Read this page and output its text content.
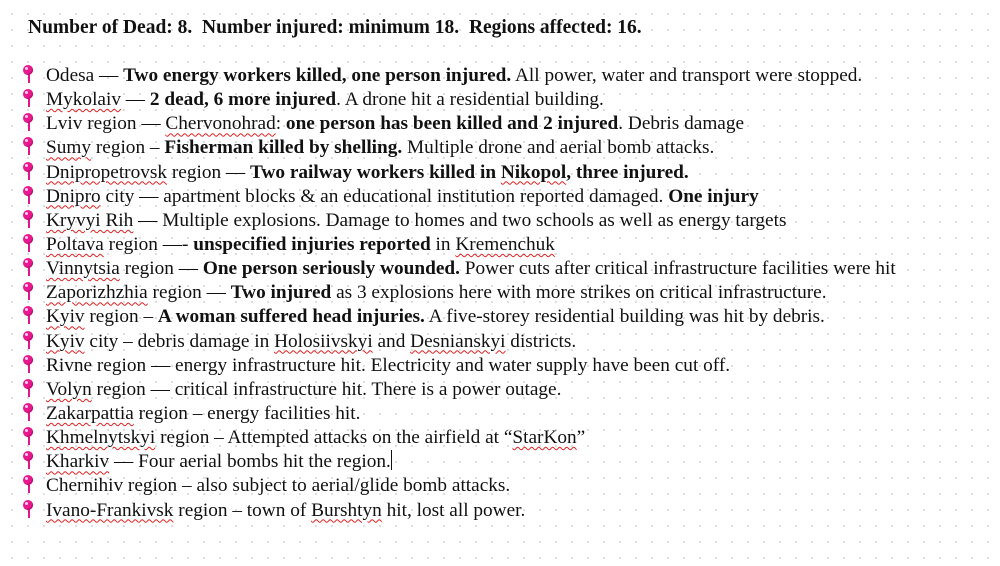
Number of Dead: 8. Number injured: minimum 18. Regions affected: 16.
Odesa — Two energy workers killed, one person injured. All power, water and transport were stopped.
Mykolaiv — 2 dead, 6 more injured. A drone hit a residential building.
Lviv region — Chervonohrad: one person has been killed and 2 injured. Debris damage
Sumy region – Fisherman killed by shelling. Multiple drone and aerial bomb attacks.
Dnipropetrovsk region — Two railway workers killed in Nikopol, three injured.
Dnipro city — apartment blocks & an educational institution reported damaged. One injury
Kryvyi Rih — Multiple explosions. Damage to homes and two schools as well as energy targets
Poltava region —- unspecified injuries reported in Kremenchuk
Vinnytsia region — One person seriously wounded. Power cuts after critical infrastructure facilities were hit
Zaporizhzhia region — Two injured as 3 explosions here with more strikes on critical infrastructure.
Kyiv region – A woman suffered head injuries. A five-storey residential building was hit by debris.
Kyiv city – debris damage in Holosiivskyi and Desnianskyi districts.
Rivne region — energy infrastructure hit. Electricity and water supply have been cut off.
Volyn region — critical infrastructure hit. There is a power outage.
Zakarpattia region – energy facilities hit.
Khmelnytskyi region – Attempted attacks on the airfield at “StarKon”
Kharkiv — Four aerial bombs hit the region.
Chernihiv region – also subject to aerial/glide bomb attacks.
Ivano-Frankivsk region – town of Burshtyn hit, lost all power.
